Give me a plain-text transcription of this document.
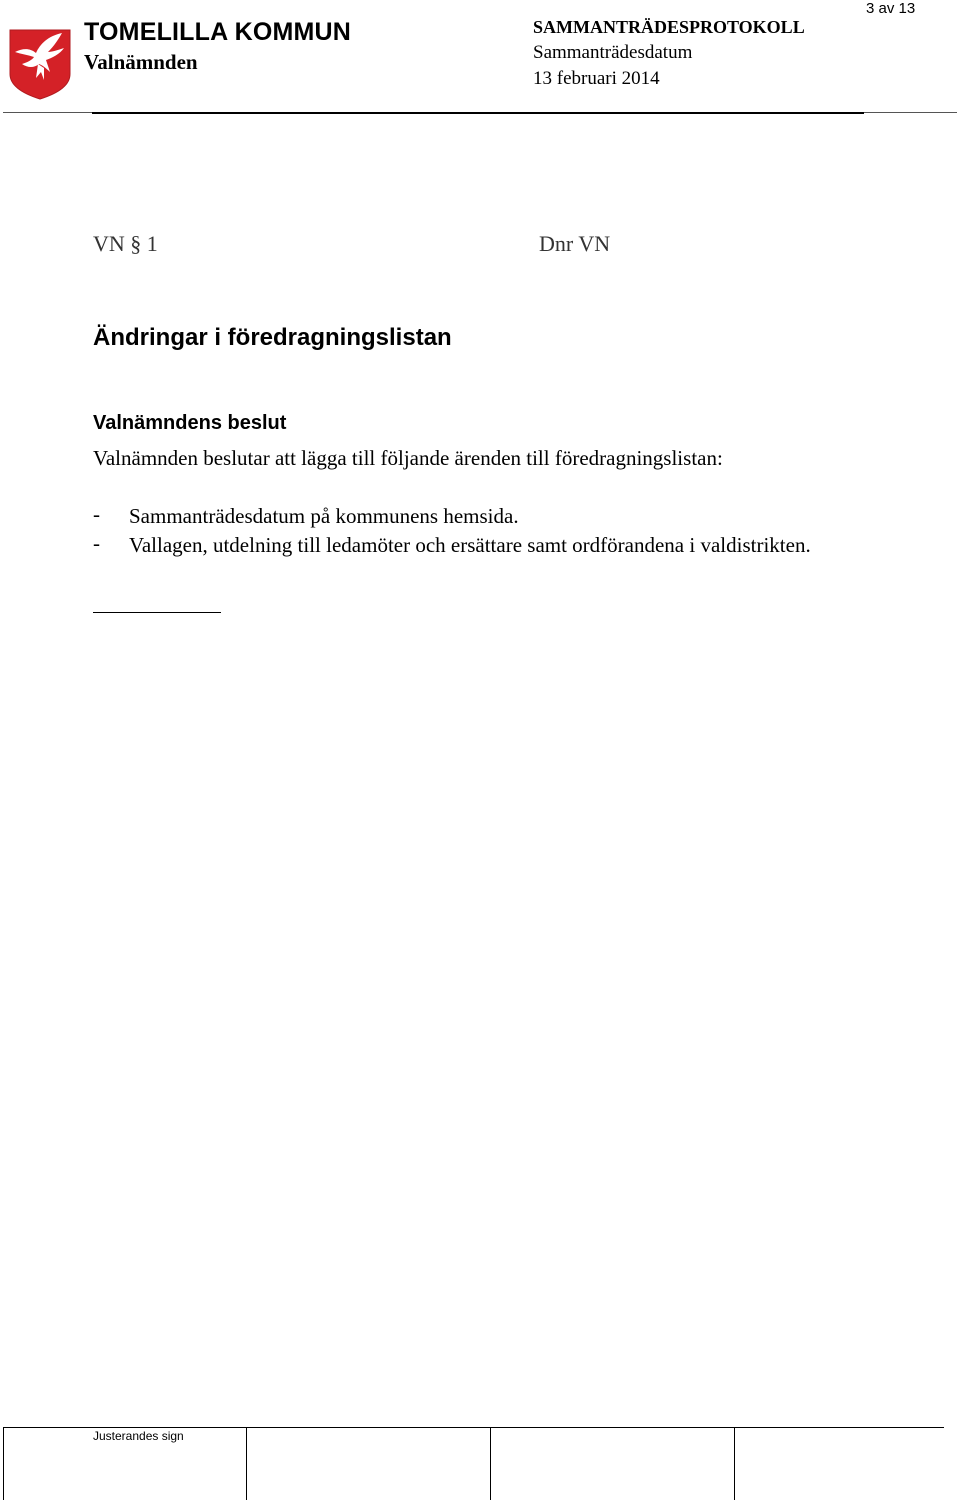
3 av 13
TOMELILLA KOMMUN
Valnämnden
SAMMANTRÄDESPROTOKOLL
Sammanträdesdatum
13 februari 2014
VN § 1	Dnr VN
Ändringar i föredragningslistan
Valnämndens beslut
Valnämnden beslutar att lägga till följande ärenden till föredragningslistan:
- Sammanträdesdatum på kommunens hemsida.
- Vallagen, utdelning till ledamöter och ersättare samt ordförandena i valdistrikten.
Justerandes sign
